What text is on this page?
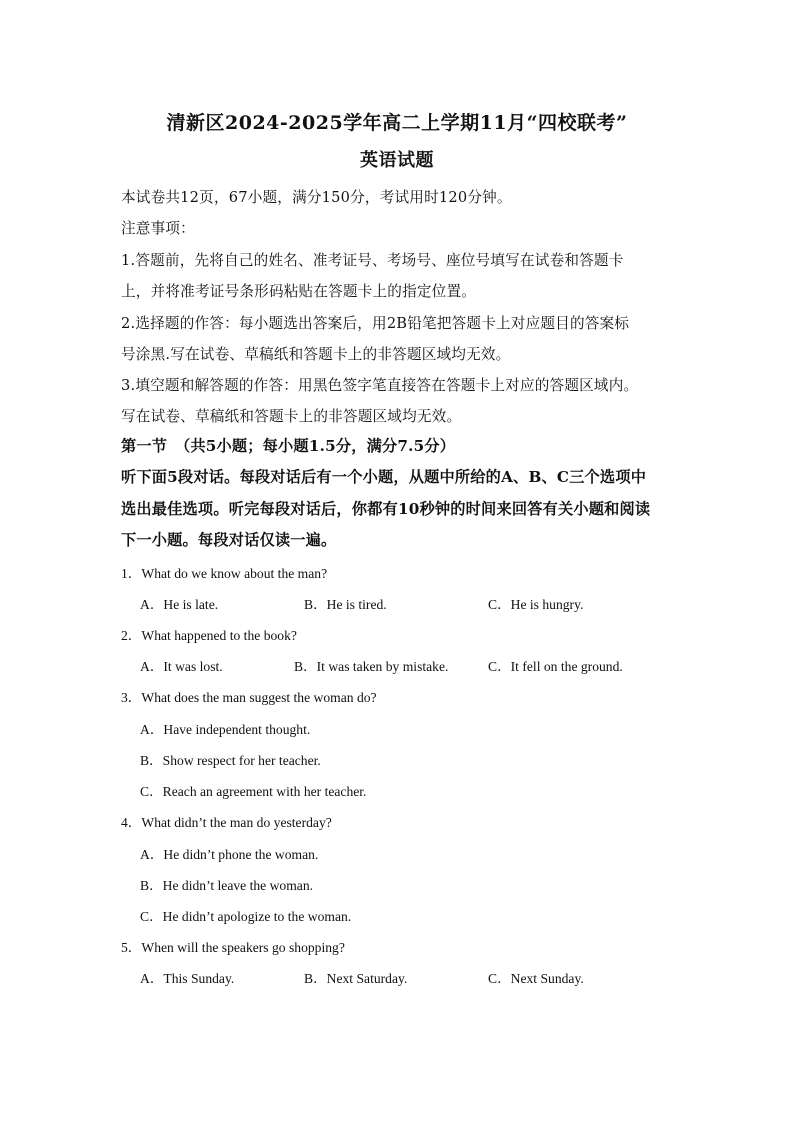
清新区2024-2025学年高二上学期11月“四校联考”
英语试题
本试卷共12页，67小题，满分150分，考试用时120分钟。
注意事项：
1.答题前，先将自己的姓名、准考证号、考场号、座位号填写在试卷和答题卡
上，并将准考证号条形码粘贴在答题卡上的指定位置。
2.选择题的作答：每小题选出答案后，用2B铅笔把答题卡上对应题目的答案标
号涂黑.写在试卷、草稿纸和答题卡上的非答题区域均无效。
3.填空题和解答题的作答：用黑色签字笔直接答在答题卡上对应的答题区域内。
写在试卷、草稿纸和答题卡上的非答题区域均无效。
第一节　（共5小题；每小题1.5分，满分7.5分）
听下面5段对话。每段对话后有一个小题，从题中所给的A、B、C三个选项中
选出最佳选项。听完每段对话后，你都有10秒钟的时间来回答有关小题和阅读
下一小题。每段对话仅读一遍。
1．What do we know about the man?
A．He is late.	B．He is tired.	C．He is hungry.
2．What happened to the book?
A．It was lost.	B．It was taken by mistake.	C．It fell on the ground.
3．What does the man suggest the woman do?
A．Have independent thought.
B．Show respect for her teacher.
C．Reach an agreement with her teacher.
4．What didn’t the man do yesterday?
A．He didn’t phone the woman.
B．He didn’t leave the woman.
C．He didn’t apologize to the woman.
5．When will the speakers go shopping?
A．This Sunday.	B．Next Saturday.	C．Next Sunday.
